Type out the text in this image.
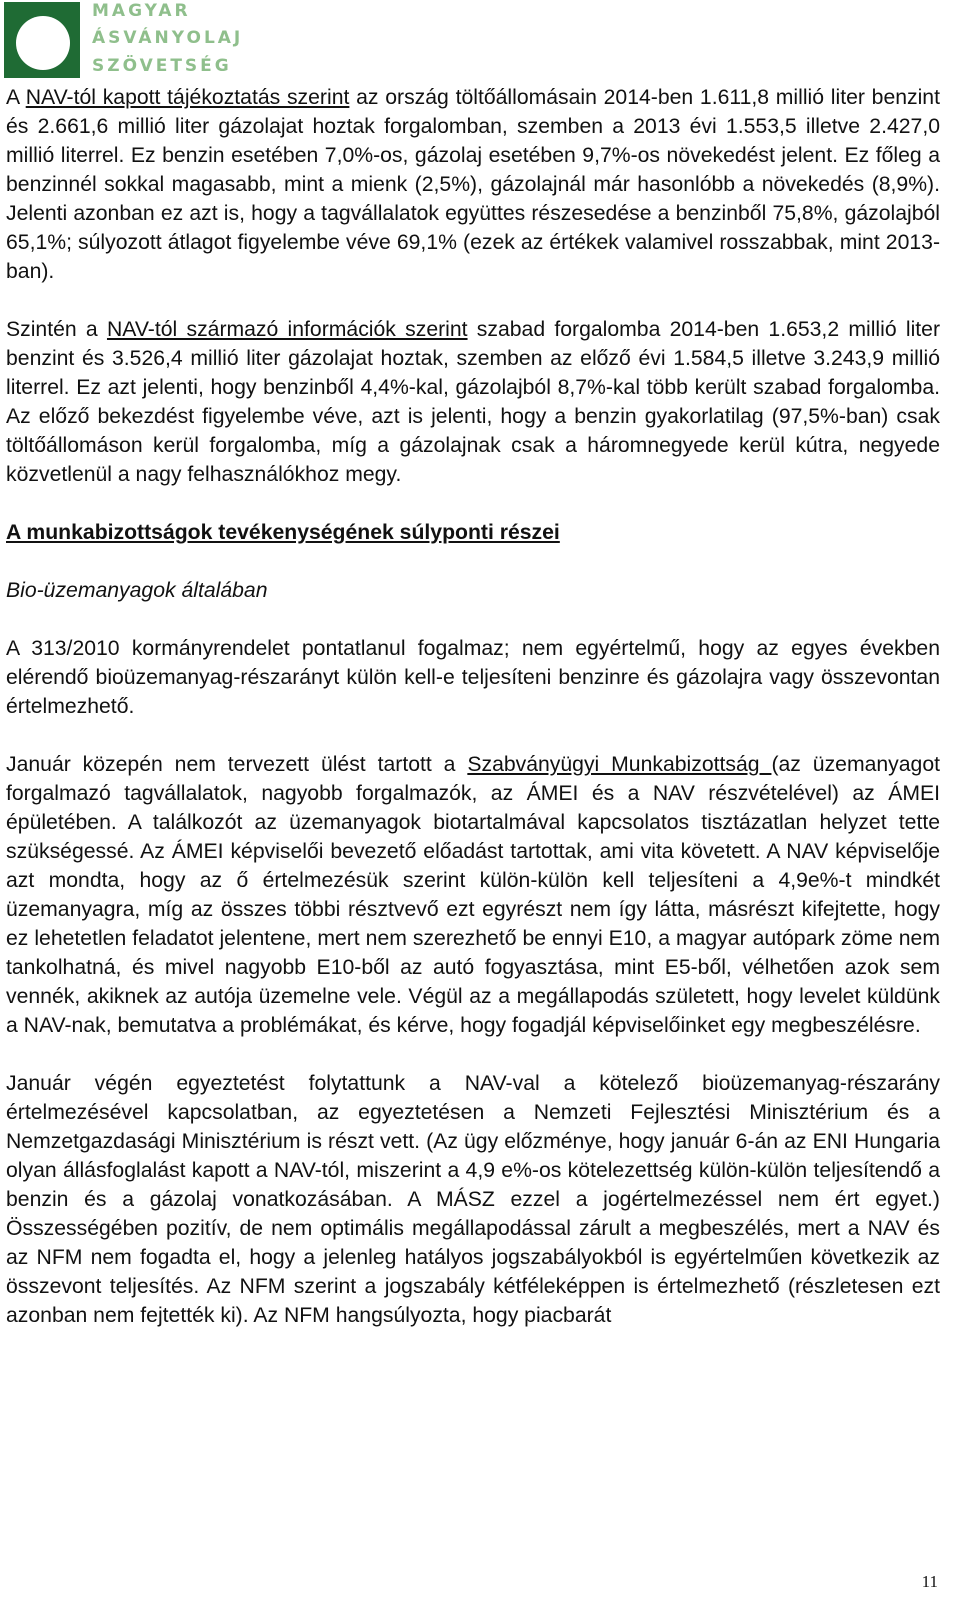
MAGYAR
ÁSVÁNYOLAJ
SZÖVETSÉG

A NAV-tól kapott tájékoztatás szerint az ország töltőállomásain 2014-ben 1.611,8 millió liter benzint és 2.661,6 millió liter gázolajat hoztak forgalomban, szemben a 2013 évi 1.553,5 illetve 2.427,0 millió literrel. Ez benzin esetében 7,0%-os, gázolaj esetében 9,7%-os növekedést jelent. Ez főleg a benzinnél sokkal magasabb, mint a mienk (2,5%), gázolajnál már hasonlóbb a növekedés (8,9%). Jelenti azonban ez azt is, hogy a tagvállalatok együttes részesedése a benzinből 75,8%, gázolajból 65,1%; súlyozott átlagot figyelembe véve 69,1% (ezek az értékek valamivel rosszabbak, mint 2013-ban).

Szintén a NAV-tól származó információk szerint szabad forgalomba 2014-ben 1.653,2 millió liter benzint és 3.526,4 millió liter gázolajat hoztak, szemben az előző évi 1.584,5 illetve 3.243,9 millió literrel. Ez azt jelenti, hogy benzinből 4,4%-kal, gázolajból 8,7%-kal több került szabad forgalomba. Az előző bekezdést figyelembe véve, azt is jelenti, hogy a benzin gyakorlatilag (97,5%-ban) csak töltőállomáson kerül forgalomba, míg a gázolajnak csak a háromnegyede kerül kútra, negyede közvetlenül a nagy felhasználókhoz megy.

A munkabizottságok tevékenységének súlyponti részei

Bio-üzemanyagok általában

A 313/2010 kormányrendelet pontatlanul fogalmaz; nem egyértelmű, hogy az egyes években elérendő bioüzemanyag-részarányt külön kell-e teljesíteni benzinre és gázolajra vagy összevontan értelmezhető.

Január közepén nem tervezett ülést tartott a Szabványügyi Munkabizottság (az üzemanyagot forgalmazó tagvállalatok, nagyobb forgalmazók, az ÁMEI és a NAV részvételével) az ÁMEI épületében. A találkozót az üzemanyagok biotartalmával kapcsolatos tisztázatlan helyzet tette szükségessé. Az ÁMEI képviselői bevezető előadást tartottak, ami vita követett. A NAV képviselője azt mondta, hogy az ő értelmezésük szerint külön-külön kell teljesíteni a 4,9e%-t mindkét üzemanyagra, míg az összes többi résztvevő ezt egyrészt nem így látta, másrészt kifejtette, hogy ez lehetetlen feladatot jelentene, mert nem szerezhető be ennyi E10, a magyar autópark zöme nem tankolhatná, és mivel nagyobb E10-ből az autó fogyasztása, mint E5-ből, vélhetően azok sem vennék, akiknek az autója üzemelne vele. Végül az a megállapodás született, hogy levelet küldünk a NAV-nak, bemutatva a problémákat, és kérve, hogy fogadjál képviselőinket egy megbeszélésre.

Január végén egyeztetést folytattunk a NAV-val a kötelező bioüzemanyag-részarány értelmezésével kapcsolatban, az egyeztetésen a Nemzeti Fejlesztési Minisztérium és a Nemzetgazdasági Minisztérium is részt vett. (Az ügy előzménye, hogy január 6-án az ENI Hungaria olyan állásfoglalást kapott a NAV-tól, miszerint a 4,9 e%-os kötelezettség külön-külön teljesítendő a benzin és a gázolaj vonatkozásában. A MÁSZ ezzel a jogértelmezéssel nem ért egyet.) Összességében pozitív, de nem optimális megállapodással zárult a megbeszélés, mert a NAV és az NFM nem fogadta el, hogy a jelenleg hatályos jogszabályokból is egyértelműen következik az összevont teljesítés. Az NFM szerint a jogszabály kétféleképpen is értelmezhető (részletesen ezt azonban nem fejtették ki). Az NFM hangsúlyozta, hogy piacbarát

11
